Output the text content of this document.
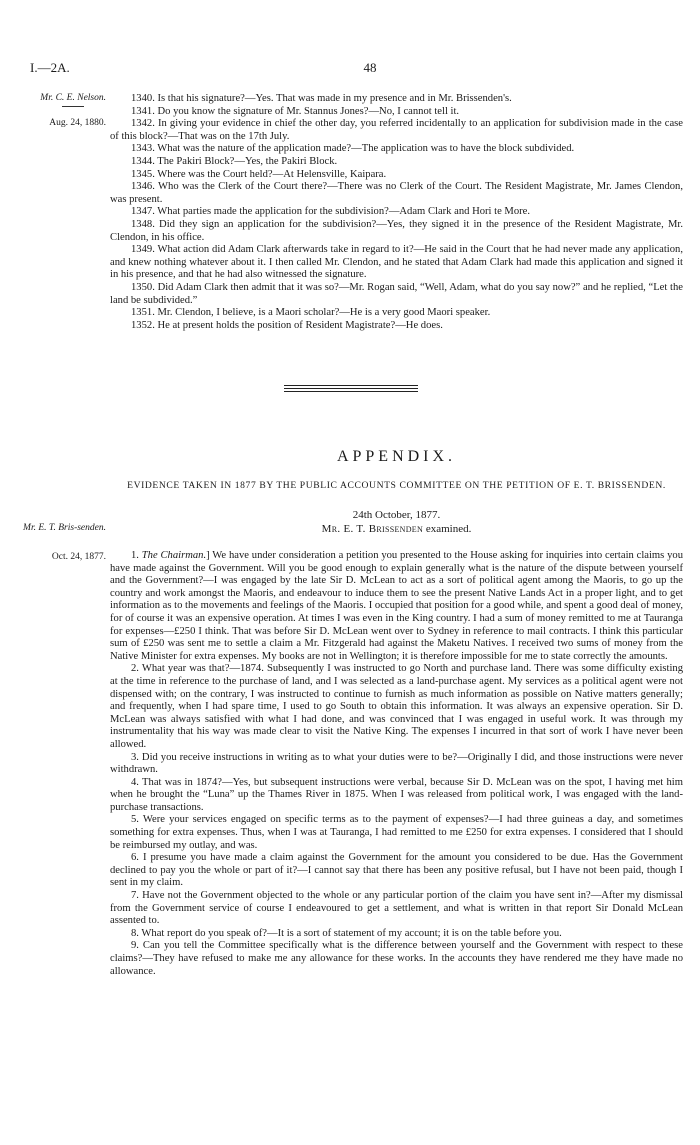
I.—2A.	48
Mr. C. E. Nelson.
Aug. 24, 1880.

1340. Is that his signature?—Yes. That was made in my presence and in Mr. Brissenden's.

1341. Do you know the signature of Mr. Stannus Jones?—No, I cannot tell it.

1342. In giving your evidence in chief the other day, you referred incidentally to an application for subdivision made in the case of this block?—That was on the 17th July.

1343. What was the nature of the application made?—The application was to have the block subdivided.

1344. The Pakiri Block?—Yes, the Pakiri Block.

1345. Where was the Court held?—At Helensville, Kaipara.

1346. Who was the Clerk of the Court there?—There was no Clerk of the Court. The Resident Magistrate, Mr. James Clendon, was present.

1347. What parties made the application for the subdivision?—Adam Clark and Hori te More.

1348. Did they sign an application for the subdivision?—Yes, they signed it in the presence of the Resident Magistrate, Mr. Clendon, in his office.

1349. What action did Adam Clark afterwards take in regard to it?—He said in the Court that he had never made any application, and knew nothing whatever about it. I then called Mr. Clendon, and he stated that Adam Clark had made this application and signed it in his presence, and that he had also witnessed the signature.

1350. Did Adam Clark then admit that it was so?—Mr. Rogan said, “Well, Adam, what do you say now?” and he replied, “Let the land be subdivided.”

1351. Mr. Clendon, I believe, is a Maori scholar?—He is a very good Maori speaker.

1352. He at present holds the position of Resident Magistrate?—He does.

APPENDIX.
EVIDENCE TAKEN IN 1877 BY THE PUBLIC ACCOUNTS COMMITTEE ON THE PETITION OF E. T. BRISSENDEN.
24th October, 1877.
Mr. E. T. Brissenden examined.
Mr. E. T. Bris-senden.
Oct. 24, 1877.	1. The Chairman.] We have under consideration a petition you presented to the House asking for inquiries into certain claims you have made against the Government. Will you be good enough to explain generally what is the nature of the dispute between yourself and the Government?—I was engaged by the late Sir D. McLean to act as a sort of political agent among the Maoris, to go up the country and work amongst the Maoris, and endeavour to induce them to see the present Native Lands Act in a proper light, and to get information as to the movements and feelings of the Maoris. I occupied that position for a good while, and spent a good deal of money, for of course it was an expensive operation. At times I was even in the King country. I had a sum of money remitted to me at Tauranga for expenses—£250 I think. That was before Sir D. McLean went over to Sydney in reference to mail contracts. I think this particular sum of £250 was sent me to settle a claim a Mr. Fitzgerald had against the Maketu Natives. I received two sums of money from the Native Minister for extra expenses. My books are not in Wellington; it is therefore impossible for me to state correctly the amounts.

2. What year was that?—1874. Subsequently I was instructed to go North and purchase land. There was some difficulty existing at the time in reference to the purchase of land, and I was selected as a land-purchase agent. My services as a political agent were not dispensed with; on the contrary, I was instructed to continue to furnish as much information as possible on Native matters generally; and frequently, when I had spare time, I used to go South to obtain this information. It was always an expensive operation. Sir D. McLean was always satisfied with what I had done, and was convinced that I was engaged in useful work. It was through my instrumentality that his way was made clear to visit the Native King. The expenses I incurred in that sort of work I have never been allowed.

3. Did you receive instructions in writing as to what your duties were to be?—Originally I did, and those instructions were never withdrawn.

4. That was in 1874?—Yes, but subsequent instructions were verbal, because Sir D. McLean was on the spot, I having met him when he brought the “Luna” up the Thames River in 1875. When I was released from political work, I was engaged with the land-purchase transactions.

5. Were your services engaged on specific terms as to the payment of expenses?—I had three guineas a day, and sometimes something for extra expenses. Thus, when I was at Tauranga, I had remitted to me £250 for extra expenses. I considered that I should be reimbursed my outlay, and was.

6. I presume you have made a claim against the Government for the amount you considered to be due. Has the Government declined to pay you the whole or part of it?—I cannot say that there has been any positive refusal, but I have not been paid, though I sent in my claim.

7. Have not the Government objected to the whole or any particular portion of the claim you have sent in?—After my dismissal from the Government service of course I endeavoured to get a settlement, and what is written in that report Sir Donald McLean assented to.

8. What report do you speak of?—It is a sort of statement of my account; it is on the table before you.

9. Can you tell the Committee specifically what is the difference between yourself and the Government with respect to these claims?—They have refused to make me any allowance for these works. In the accounts they have rendered me they have made no allowance.
